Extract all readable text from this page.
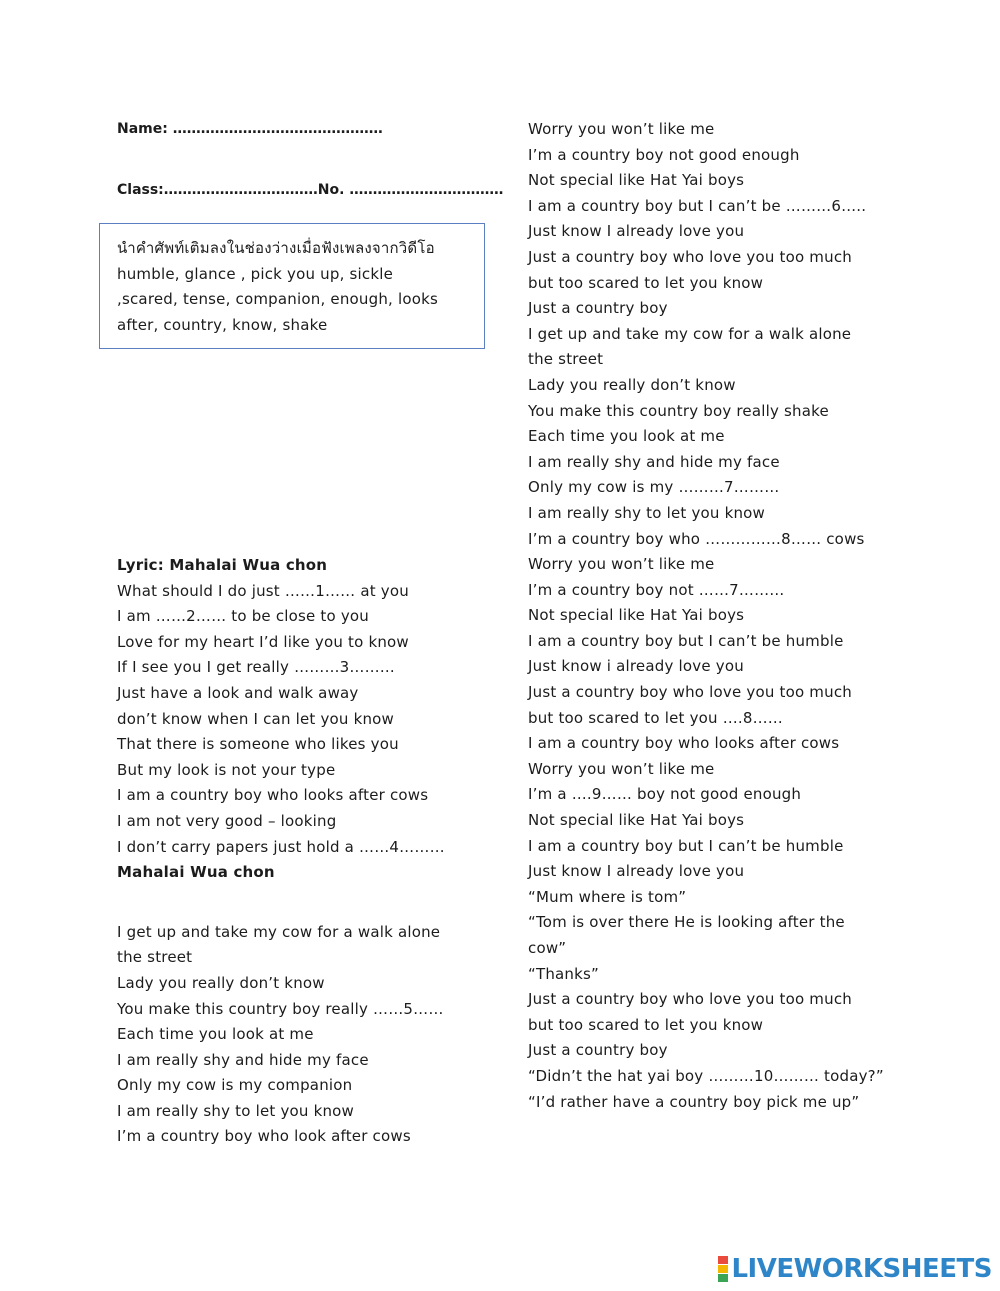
Name: ………………………………………
Class:……………………………No. ……………………………
นำคำศัพท์เติมลงในช่องว่างเมื่อฟังเพลงจากวิดีโอ
humble, glance , pick you up, sickle
,scared, tense, companion, enough, looks
after, country, know, shake
Lyric: Mahalai Wua chon
What should I do just ……1…… at you
I am ……2…… to be close to you
Love for my heart I’d like you to know
If I see you I get really ………3………
Just have a look and walk away
don’t know when I can let you know
That there is someone who likes you
But my look is not your type
I am a country boy who looks after cows
I am not very good – looking
I don’t carry papers just hold a ……4………
Mahalai Wua chon
I get up and take my cow for a walk alone
the street
Lady you really don’t know
You make this country boy really ……5……
Each time you look at me
I am really shy and hide my face
Only my cow is my companion
I am really shy to let you know
I’m a country boy who look after cows
Worry you won’t like me
I’m a country boy not good enough
Not special like Hat Yai boys
I am a country boy but I can’t be ………6…..
Just know I already love you
Just a country boy who love you too much
but too scared to let you know
Just a country boy
I get up and take my cow for a walk alone
the street
Lady you really don’t know
You make this country boy really shake
Each time you look at me
I am really shy and hide my face
Only my cow is my ………7………
I am really shy to let you know
I’m a country boy who ……………8…… cows
Worry you won’t like me
I’m a country boy not ……7………
Not special like Hat Yai boys
I am a country boy but I can’t be humble
Just know i already love you
Just a country boy who love you too much
but too scared to let you ….8……
I am a country boy who looks after cows
Worry you won’t like me
I’m a ….9…… boy not good enough
Not special like Hat Yai boys
I am a country boy but I can’t be humble
Just know I already love you
“Mum where is tom”
“Tom is over there He is looking after the
cow”
“Thanks”
Just a country boy who love you too much
but too scared to let you know
Just a country boy
“Didn’t the hat yai boy ………10……… today?”
“I’d rather have a country boy pick me up”
LIVEWORKSHEETS
